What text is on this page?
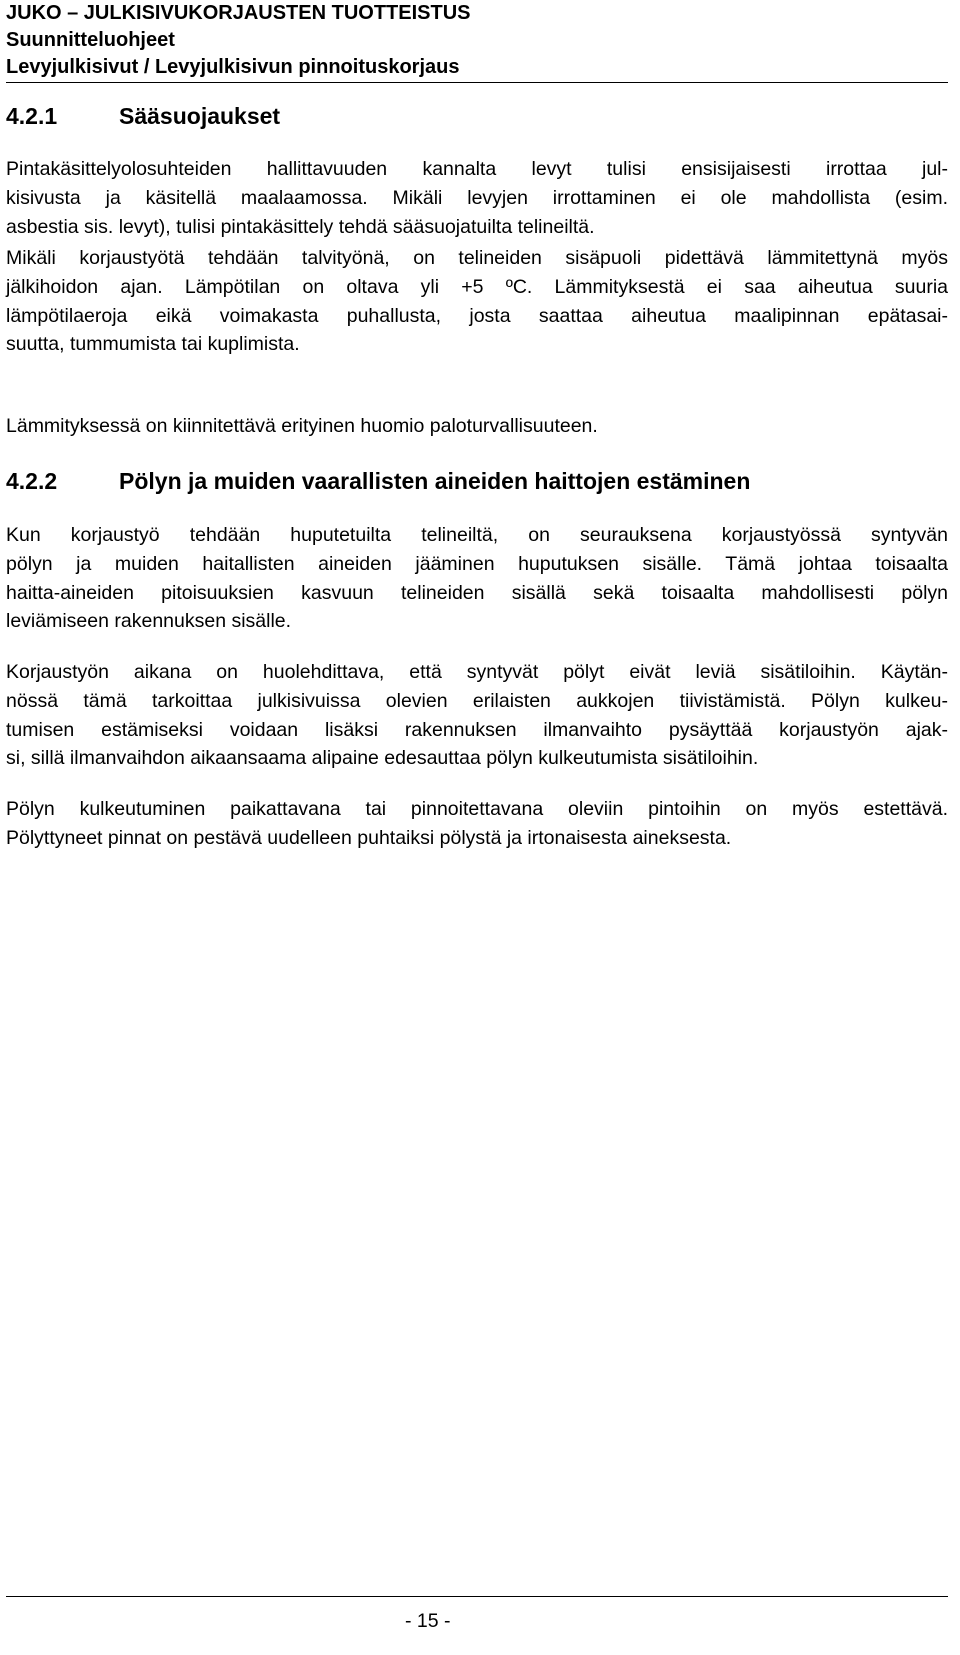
JUKO – JULKISIVUKORJAUSTEN TUOTTEISTUS
Suunnitteluohjeet
Levyjulkisivut / Levyjulkisivun pinnoituskorjaus
4.2.1	Sääsuojaukset
Pintakäsittelyolosuhteiden hallittavuuden kannalta levyt tulisi ensisijaisesti irrottaa jul-
kisivusta ja käsitellä maalaamossa. Mikäli levyjen irrottaminen ei ole mahdollista (esim.
asbestia sis. levyt), tulisi pintakäsittely tehdä sääsuojatuilta telineiltä.
Mikäli korjaustyötä tehdään talvityönä, on telineiden sisäpuoli pidettävä lämmitettynä myös
jälkihoidon ajan. Lämpötilan on oltava yli +5 ºC. Lämmityksestä ei saa aiheutua suuria
lämpötilaeroja eikä voimakasta puhallusta, josta saattaa aiheutua maalipinnan epätasai-
suutta, tummumista tai kuplimista.
Lämmityksessä on kiinnitettävä erityinen huomio paloturvallisuuteen.
4.2.2	Pölyn ja muiden vaarallisten aineiden haittojen estäminen
Kun korjaustyö tehdään huputetuilta telineiltä, on seurauksena korjaustyössä syntyvän
pölyn ja muiden haitallisten aineiden jääminen huputuksen sisälle. Tämä johtaa toisaalta
haitta-aineiden pitoisuuksien kasvuun telineiden sisällä sekä toisaalta mahdollisesti pölyn
leviämiseen rakennuksen sisälle.
Korjaustyön aikana on huolehdittava, että syntyvät pölyt eivät leviä sisätiloihin. Käytän-
nössä tämä tarkoittaa julkisivuissa olevien erilaisten aukkojen tiivistämistä. Pölyn kulkeu-
tumisen estämiseksi voidaan lisäksi rakennuksen ilmanvaihto pysäyttää korjaustyön ajak-
si, sillä ilmanvaihdon aikaansaama alipaine edesauttaa pölyn kulkeutumista sisätiloihin.
Pölyn kulkeutuminen paikattavana tai pinnoitettavana oleviin pintoihin on myös estettävä.
Pölyttyneet pinnat on pestävä uudelleen puhtaiksi pölystä ja irtonaisesta aineksesta.
- 15 -
